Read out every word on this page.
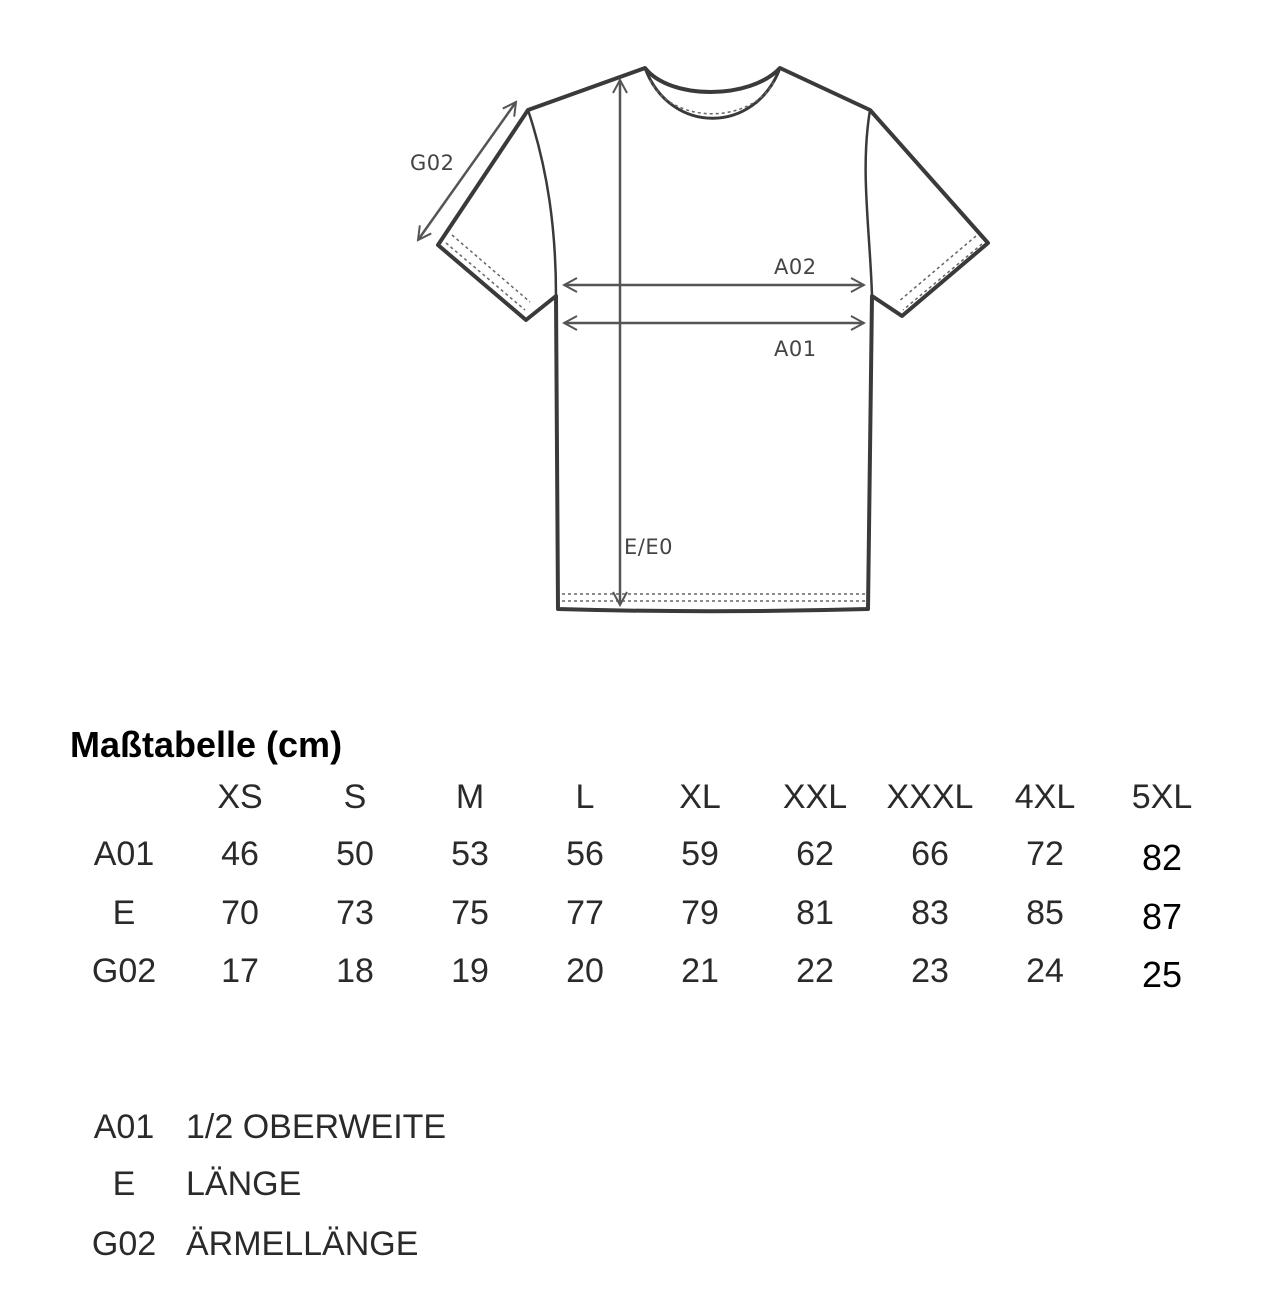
G02
A02
A01
E/E0
Maßtabelle (cm)
XS S	M	L XL XXL XXXL 4XL 5XL
A01 46 50 53 56 59 62 66 72 82
E	70 73 75 77 79 81 83 85 87
G02 17 18 19 20 21 22 23 24 25
A01 1/2 OBERWEITE
E LÄNGE
G02 ÄRMELLÄNGE
